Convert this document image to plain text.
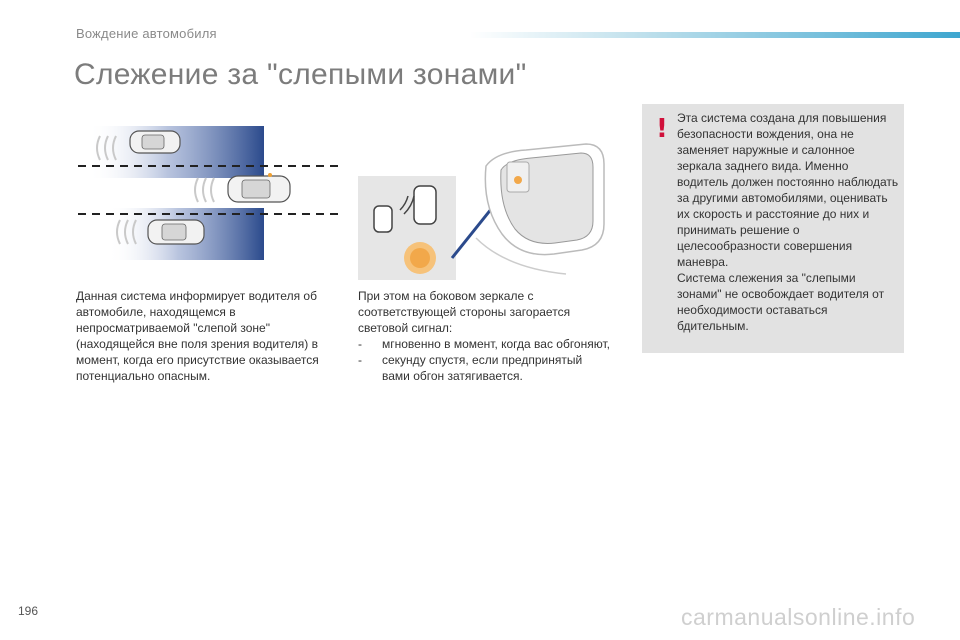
Вождение автомобиля
Слежение за "слепыми зонами"

Данная система информирует водителя об автомобиле, находящемся в непросматриваемой "слепой зоне" (находящейся вне поля зрения водителя) в момент, когда его присутствие оказывается потенциально опасным.

При этом на боковом зеркале с соответствующей стороны загорается световой сигнал:

-	мгновенно в момент, когда вас обгоняют,
-	секунду спустя, если предпринятый вами обгон затягивается.
! Эта система создана для повышения безопасности вождения, она не заменяет наружные и салонное зеркала заднего вида. Именно водитель должен постоянно наблюдать за другими автомобилями, оценивать их скорость и расстояние до них и принимать решение о целесообразности совершения маневра.

Система слежения за "слепыми зонами" не освобождает водителя от необходимости оставаться бдительным.

196	carmanualsonline.info
